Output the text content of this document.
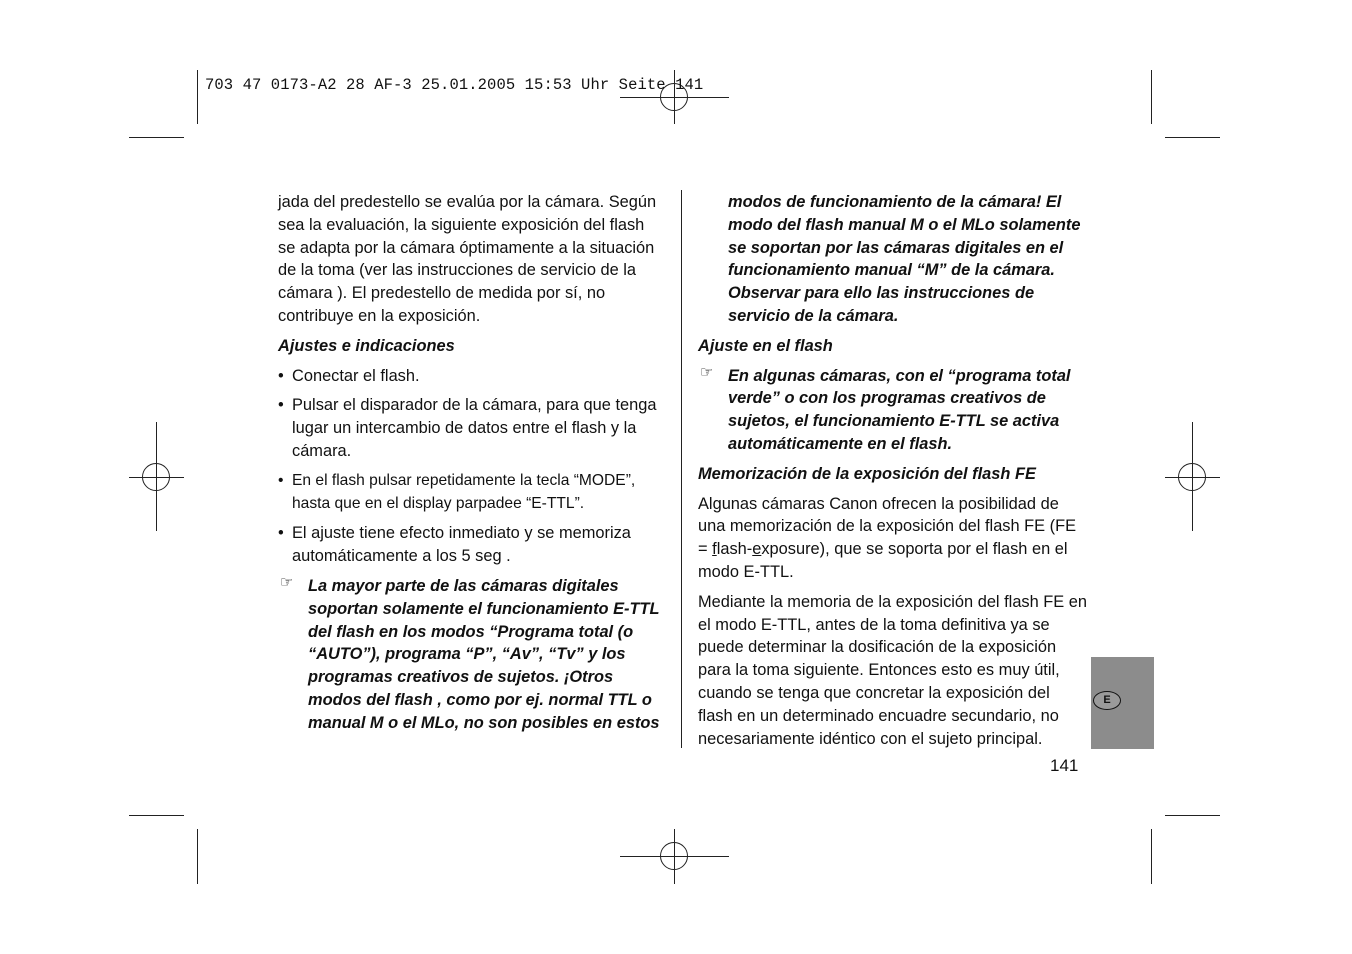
703 47 0173-A2 28 AF-3 25.01.2005 15:53 Uhr Seite 141

jada del predestello se evalúa por la cámara. Según sea la evaluación, la siguiente exposición del flash se adapta por la cámara óptimamente a la situación de la toma (ver las instrucciones de servicio de la cámara ). El predestello de medida por sí, no contribuye en la exposición.

Ajustes e indicaciones
• Conectar el flash.
• Pulsar el disparador de la cámara, para que tenga lugar un intercambio de datos entre el flash y la cámara.
• En el flash pulsar repetidamente la tecla “MODE”, hasta que en el display parpadee “E-TTL”.
• El ajuste tiene efecto inmediato y se memoriza automáticamente a los 5 seg .
☞ La mayor parte de las cámaras digitales soportan solamente el funcionamiento E-TTL del flash en los modos “Programa total (o “AUTO”), programa “P”, “Av”, “Tv” y los programas creativos de sujetos. ¡Otros modos del flash , como por ej. normal TTL o manual M o el MLo, no son posibles en estos
modos de funcionamiento de la cámara! El modo del flash manual M o el MLo solamente se soportan por las cámaras digitales en el funcionamiento manual “M” de la cámara. Observar para ello las instrucciones de servicio de la cámara.
Ajuste en el flash
☞ En algunas cámaras, con el “programa total verde” o con los programas creativos de sujetos, el funcionamiento E-TTL se activa automáticamente en el flash.
Memorización de la exposición del flash FE

Algunas cámaras Canon ofrecen la posibilidad de una memorización de la exposición del flash FE (FE = flash-exposure), que se soporta por el flash en el modo E-TTL.

Mediante la memoria de la exposición del flash FE en el modo E-TTL, antes de la toma definitiva ya se puede determinar la dosificación de la exposición para la toma siguiente. Entonces esto es muy útil, cuando se tenga que concretar la exposición del flash en un determinado encuadre secundario, no necesariamente idéntico con el sujeto principal.

E
141
